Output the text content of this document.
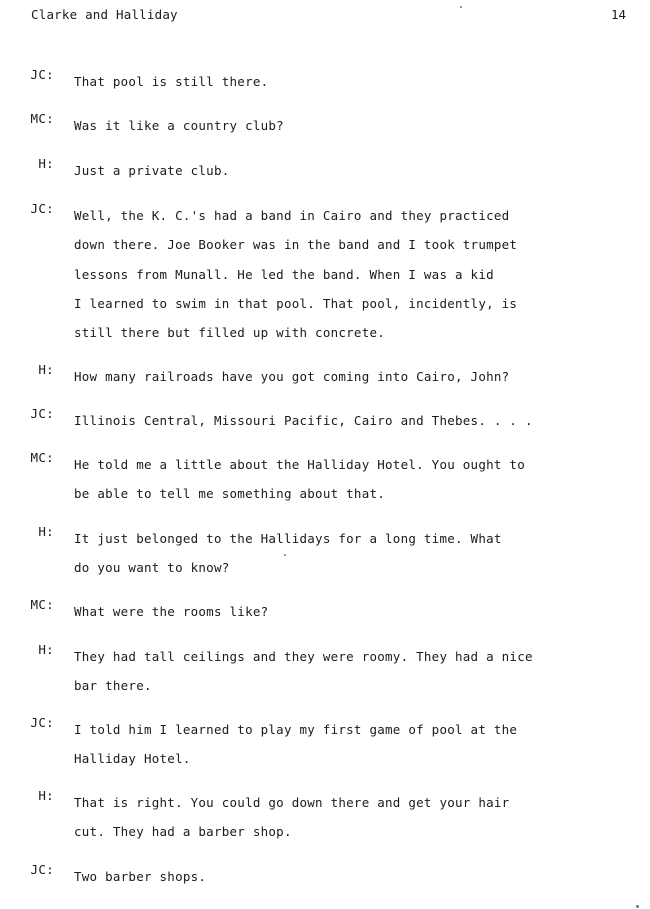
Clarke and Halliday	14
JC: That pool is still there.
MC: Was it like a country club?
H: Just a private club.
JC: Well, the K. C.'s had a band in Cairo and they practiced
down there. Joe Booker was in the band and I took trumpet
lessons from Munall. He led the band. When I was a kid
I learned to swim in that pool. That pool, incidently, is
still there but filled up with concrete.
H: How many railroads have you got coming into Cairo, John?
JC: Illinois Central, Missouri Pacific, Cairo and Thebes. . . .
MC: He told me a little about the Halliday Hotel. You ought to
be able to tell me something about that.
H: It just belonged to the Hallidays for a long time. What
do you want to know?
MC: What were the rooms like?
H: They had tall ceilings and they were roomy. They had a nice
bar there.
JC: I told him I learned to play my first game of pool at the
Halliday Hotel.
H: That is right. You could go down there and get your hair
cut. They had a barber shop.
JC: Two barber shops.
